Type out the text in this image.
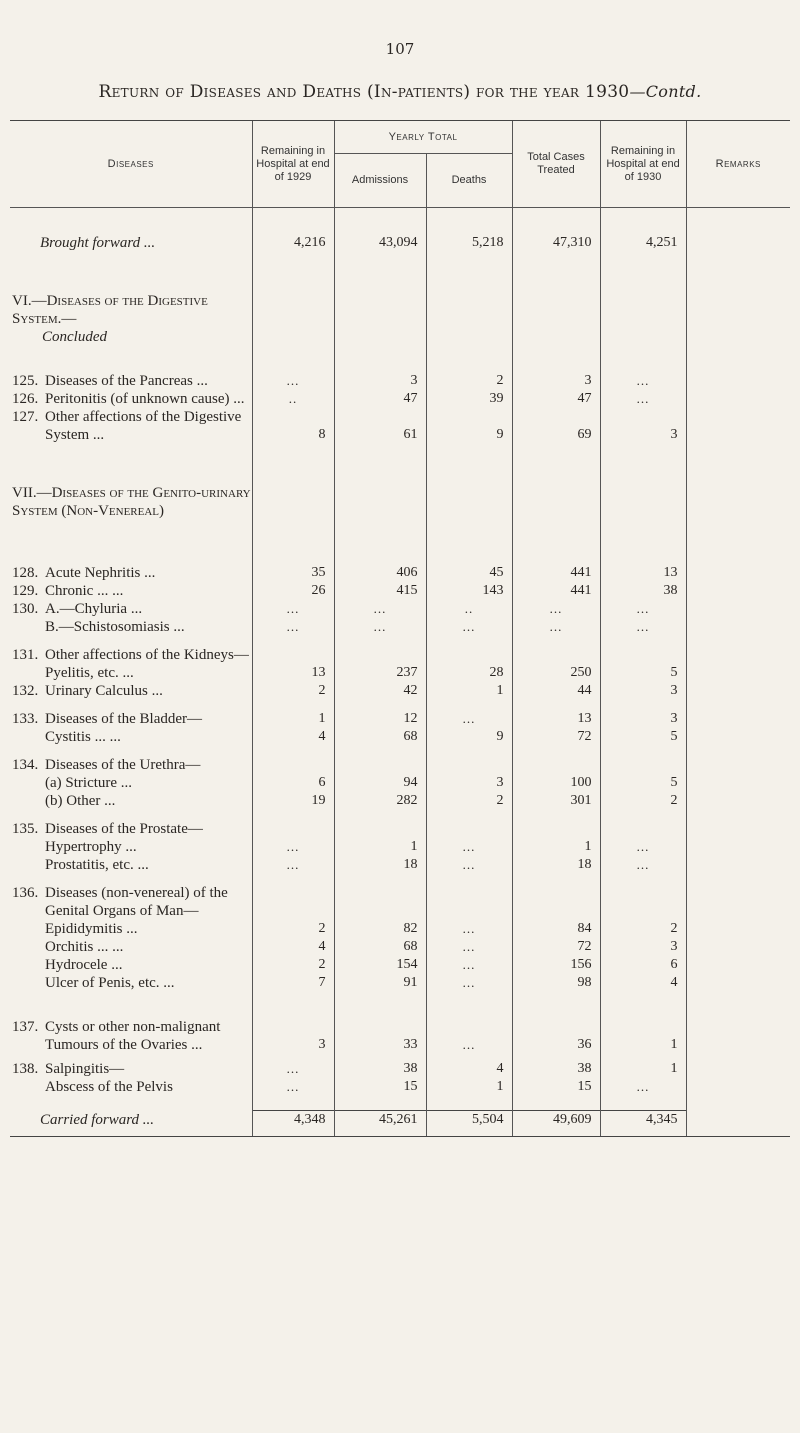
107
Return of Diseases and Deaths (In-patients) for the year 1930—Contd.
Diseases	Remaining in Hospital at end of 1929	Yearly Total		Total Cases Treated	Remaining in Hospital at end of 1930	Remarks
		Admissions	Deaths			

Brought forward ...	4,216	43,094	5,218	47,310	4,251	

VI.—Diseases of the Digestive System.—
Concluded						

125. Diseases of the Pancreas ...	...	3	2	3	...	

126. Peritonitis (of unknown cause) ...	..	47	39	47	...	

127. Other affections of the Digestive System ...	8	61	9	69	3	

VII.—Diseases of the Genito-urinary System (Non-Venereal)						

128. Acute Nephritis ...	35	406	45	441	13	

129. Chronic ... ...	26	415	143	441	38	

130. A.—Chyluria ...	...	...	..	...	...	

B.—Schistosomiasis ...	...	...	...	...	...	

131. Other affections of the Kidneys—
Pyelitis, etc. ...	13	237	28	250	5	

132. Urinary Calculus ...	2	42	1	44	3	

133. Diseases of the Bladder—	1	12	...	13	3	

Cystitis ... ...	4	68	9	72	5	

134. Diseases of the Urethra—
(a) Stricture ...	6	94	3	100	5	

(b) Other ...	19	282	2	301	2	

135. Diseases of the Prostate—
Hypertrophy ...	...	1	...	1	...	

Prostatitis, etc. ...	...	18	...	18	...	

136. Diseases (non-venereal) of the Genital Organs of Man—
Epididymitis ...	2	82	...	84	2	

Orchitis ... ...	4	68	...	72	3	

Hydrocele ...	2	154	...	156	6	

Ulcer of Penis, etc. ...	7	91	...	98	4	

137. Cysts or other non-malignant Tumours of the Ovaries ...	3	33	...	36	1	

138. Salpingitis—	...	38	4	38	1	

Abscess of the Pelvis	...	15	1	15	...	

Carried forward ...	4,348	45,261	5,504	49,609	4,345	
